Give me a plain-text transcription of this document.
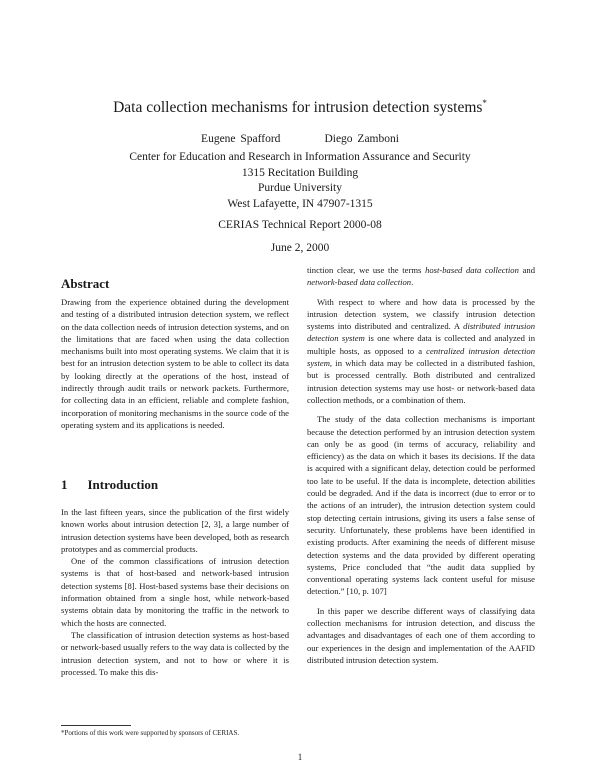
Data collection mechanisms for intrusion detection systems*
Eugene Spafford	Diego Zamboni
Center for Education and Research in Information Assurance and Security
1315 Recitation Building
Purdue University
West Lafayette, IN 47907-1315
CERIAS Technical Report 2000-08
June 2, 2000
Abstract

Drawing from the experience obtained during the development and testing of a distributed intrusion detection system, we reflect on the data collection needs of intrusion detection systems, and on the limitations that are faced when using the data collection mechanisms built into most operating systems. We claim that it is best for an intrusion detection system to be able to collect its data by looking directly at the operations of the host, instead of indirectly through audit trails or network packets. Furthermore, for collecting data in an efficient, reliable and complete fashion, incorporation of monitoring mechanisms in the source code of the operating system and its applications is needed.

1 Introduction

In the last fifteen years, since the publication of the first widely known works about intrusion detection [2, 3], a large number of intrusion detection systems have been developed, both as research prototypes and as commercial products.

One of the common classifications of intrusion detection systems is that of host-based and network-based intrusion detection systems [8]. Host-based systems base their decisions on information obtained from a single host, while network-based systems obtain data by monitoring the traffic in the network to which the hosts are connected.

The classification of intrusion detection systems as host-based or network-based usually refers to the way data is collected by the intrusion detection system, and not to how or where it is processed. To make this dis-

tinction clear, we use the terms host-based data collection and network-based data collection.

With respect to where and how data is processed by the intrusion detection system, we classify intrusion detection systems into distributed and centralized. A distributed intrusion detection system is one where data is collected and analyzed in multiple hosts, as opposed to a centralized intrusion detection system, in which data may be collected in a distributed fashion, but is processed centrally. Both distributed and centralized intrusion detection systems may use host- or network-based data collection methods, or a combination of them.

The study of the data collection mechanisms is important because the detection performed by an intrusion detection system can only be as good (in terms of accuracy, reliability and efficiency) as the data on which it bases its decisions. If the data is acquired with a significant delay, detection could be performed too late to be useful. If the data is incomplete, detection abilities could be degraded. And if the data is incorrect (due to error or to the actions of an intruder), the intrusion detection system could stop detecting certain intrusions, giving its users a false sense of security. Unfortunately, these problems have been identified in existing products. After examining the needs of different misuse detection systems and the data provided by different operating systems, Price concluded that “the audit data supplied by conventional operating systems lack content useful for misuse detection.” [10, p. 107]

In this paper we describe different ways of classifying data collection mechanisms for intrusion detection, and discuss the advantages and disadvantages of each one of them according to our experiences in the design and implementation of the AAFID distributed intrusion detection system.

*Portions of this work were supported by sponsors of CERIAS.
1
